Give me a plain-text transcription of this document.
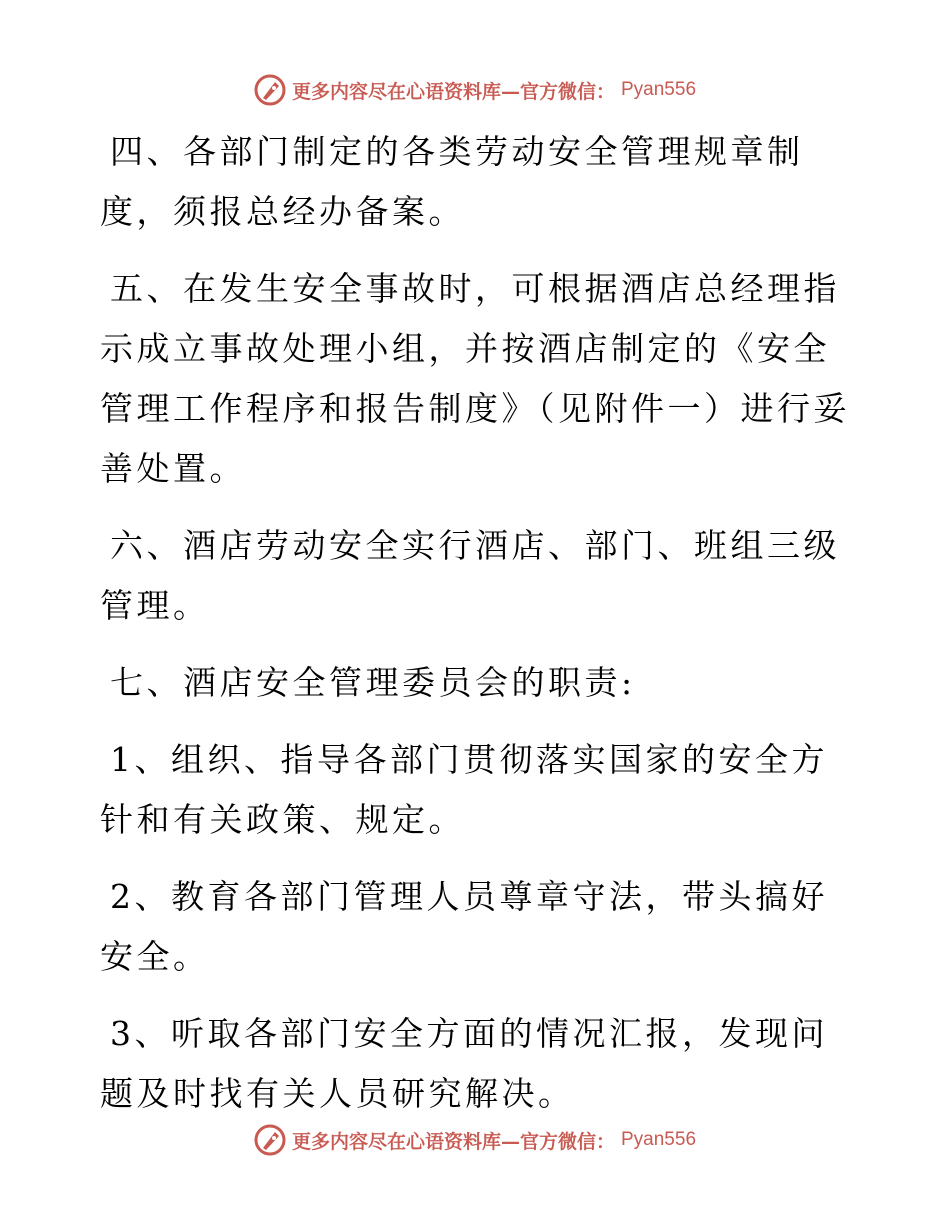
更多内容尽在心语资料库—官方微信： Pyan556

四、各部门制定的各类劳动安全管理规章制度，须报总经办备案。

五、在发生安全事故时，可根据酒店总经理指示成立事故处理小组，并按酒店制定的《安全管理工作程序和报告制度》（见附件一）进行妥善处置。

六、酒店劳动安全实行酒店、部门、班组三级管理。

七、酒店安全管理委员会的职责:

1、组织、指导各部门贯彻落实国家的安全方针和有关政策、规定。

2、教育各部门管理人员尊章守法，带头搞好安全。

3、听取各部门安全方面的情况汇报，发现问题及时找有关人员研究解决。

更多内容尽在心语资料库—官方微信： Pyan556
